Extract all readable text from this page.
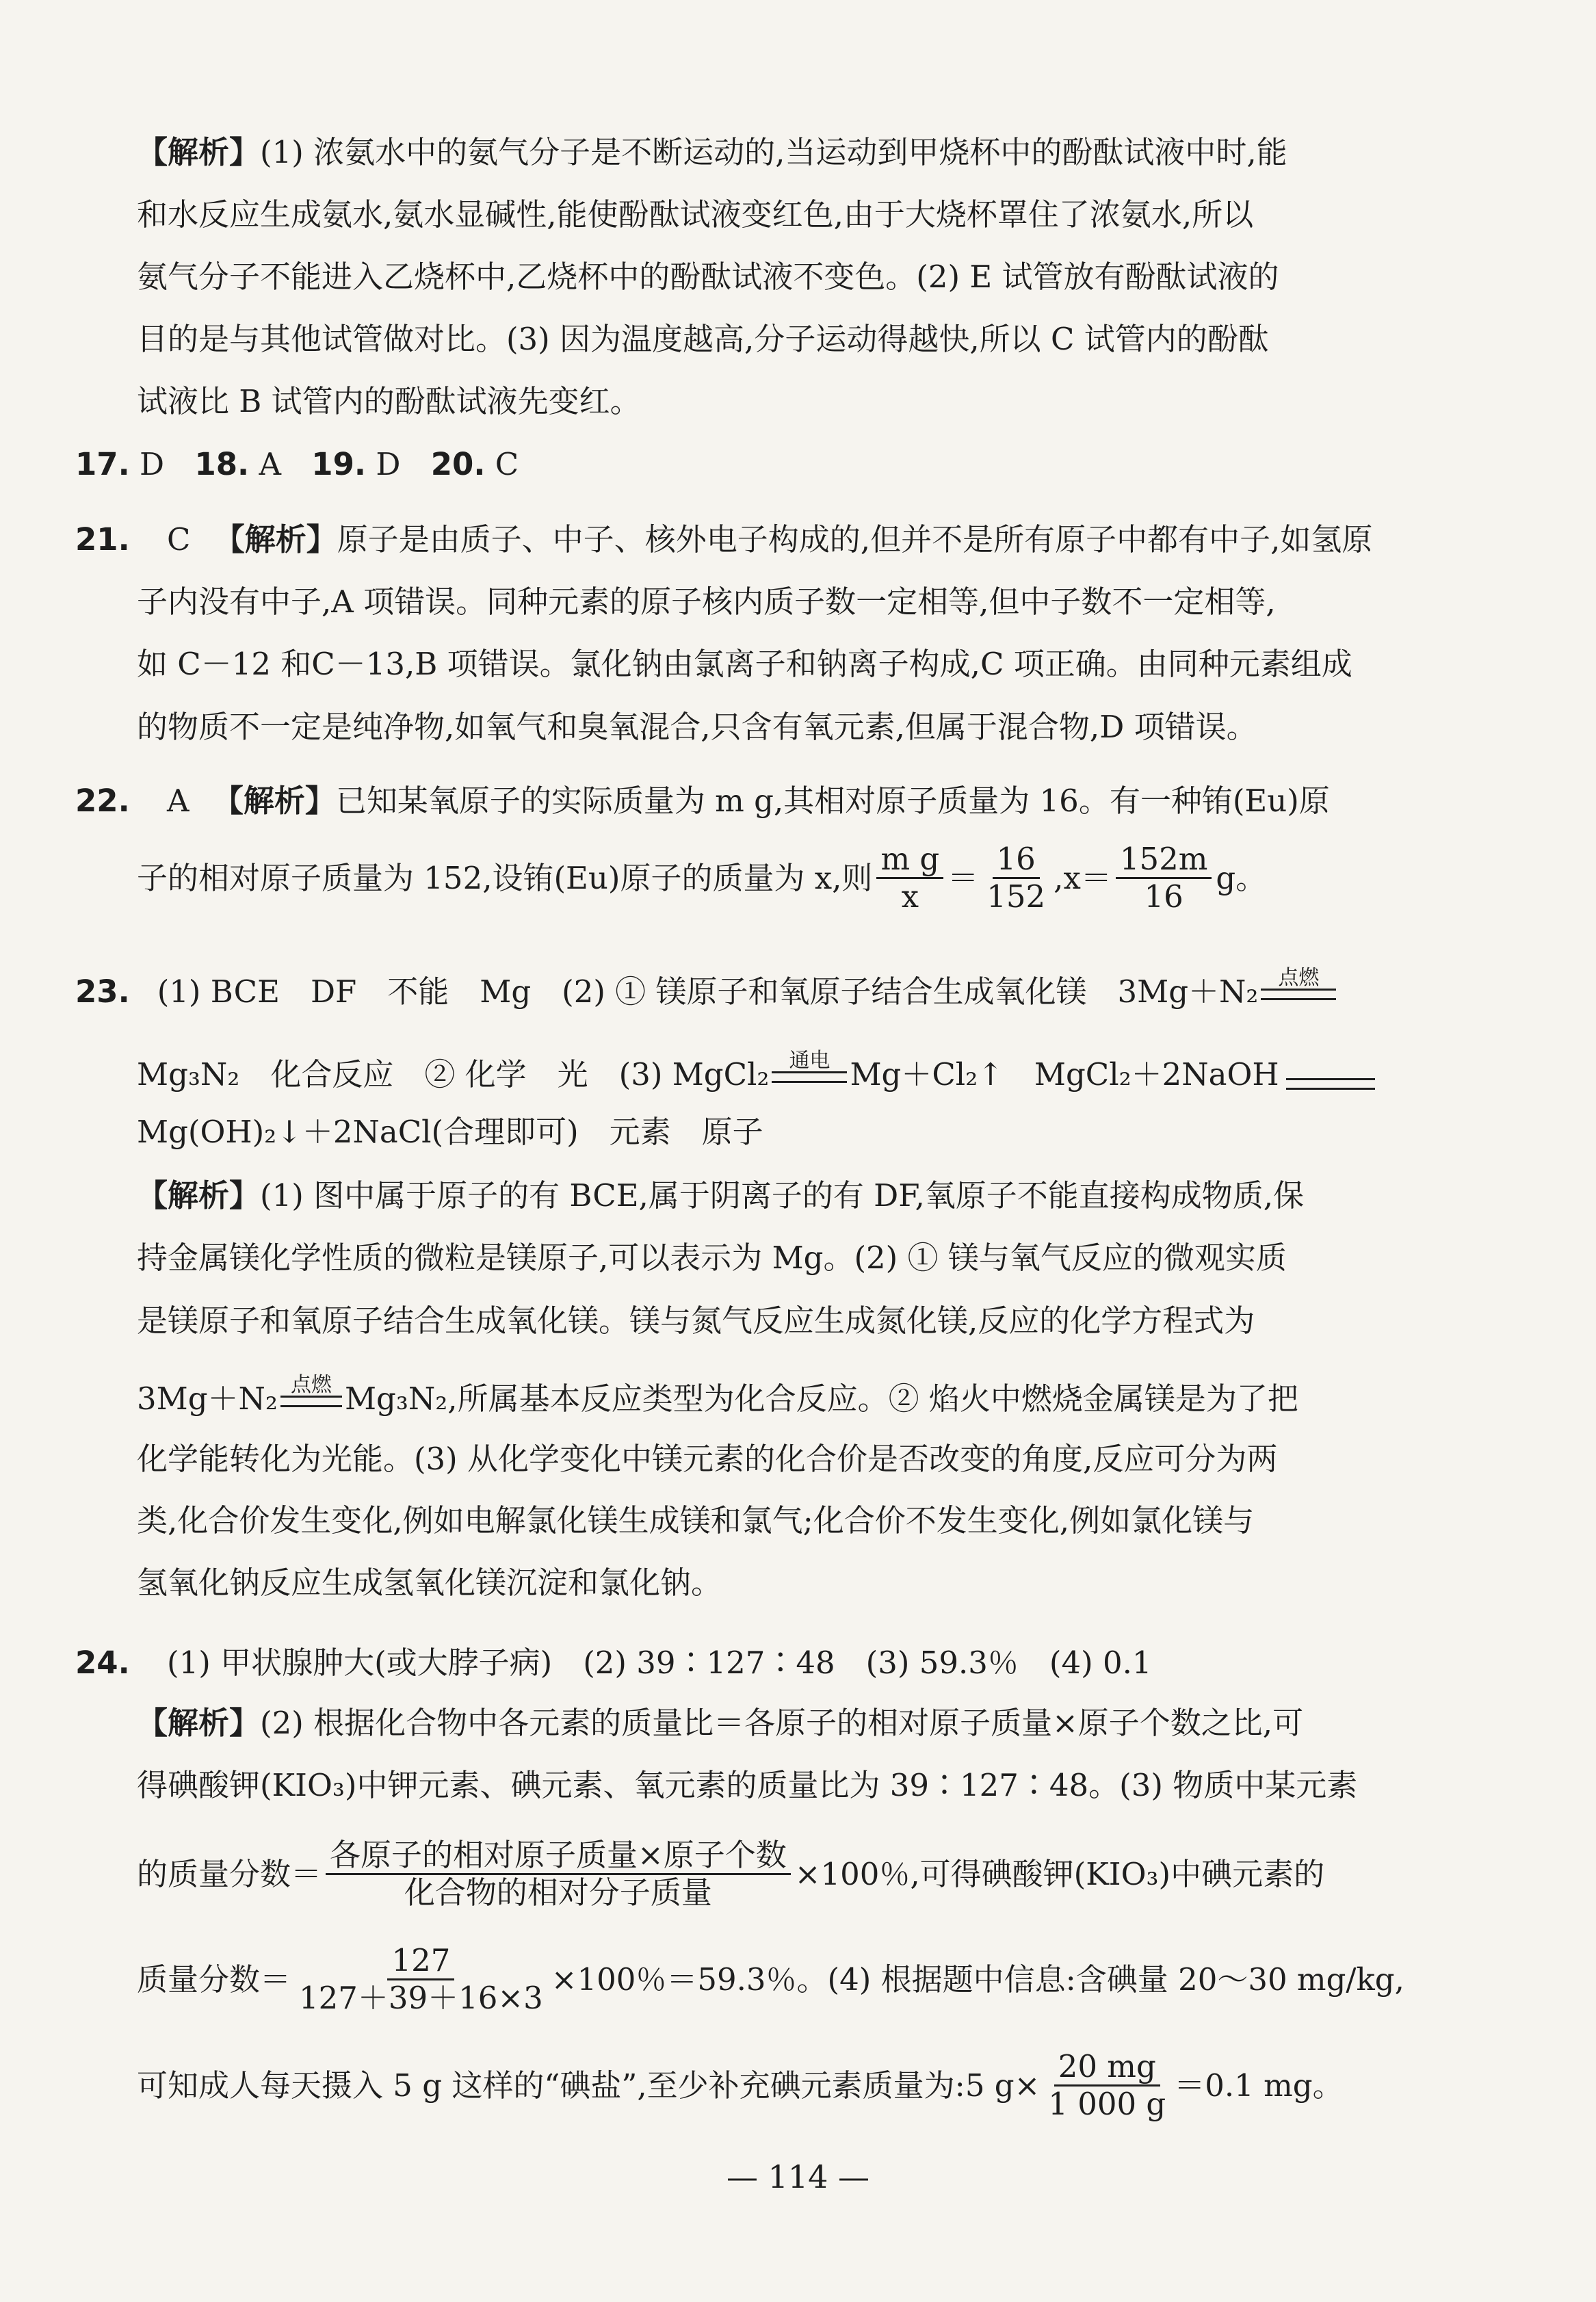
【解析】(1) 浓氨水中的氨气分子是不断运动的,当运动到甲烧杯中的酚酞试液中时,能
和水反应生成氨水,氨水显碱性,能使酚酞试液变红色,由于大烧杯罩住了浓氨水,所以
氨气分子不能进入乙烧杯中,乙烧杯中的酚酞试液不变色。(2) E 试管放有酚酞试液的
目的是与其他试管做对比。(3) 因为温度越高,分子运动得越快,所以 C 试管内的酚酞
试液比 B 试管内的酚酞试液先变红。
17. D 18. A 19. D 20. C
21. C 【解析】原子是由质子、中子、核外电子构成的,但并不是所有原子中都有中子,如氢原
子内没有中子,A 项错误。同种元素的原子核内质子数一定相等,但中子数不一定相等,
如 C－12 和C－13,B 项错误。氯化钠由氯离子和钠离子构成,C 项正确。由同种元素组成
的物质不一定是纯净物,如氧气和臭氧混合,只含有氧元素,但属于混合物,D 项错误。
22. A 【解析】已知某氧原子的实际质量为 m g,其相对原子质量为 16。有一种铕(Eu)原
子的相对原子质量为 152,设铕(Eu)原子的质量为 x,则 $\frac{\text{m g}}{x} = \frac{16}{152} ,x= \frac{152m}{16}$ g。
23. (1) BCE　DF　不能　Mg　(2) ① 镁原子和氧原子结合生成氧化镁　3Mg＋N₂ 点燃
Mg₃N₂　化合反应　② 化学　光　(3) MgCl₂ 通电 Mg＋Cl₂↑　MgCl₂＋2NaOH
Mg(OH)₂↓＋2NaCl(合理即可)　元素　原子
【解析】(1) 图中属于原子的有 BCE,属于阴离子的有 DF,氧原子不能直接构成物质,保
持金属镁化学性质的微粒是镁原子,可以表示为 Mg。(2) ① 镁与氧气反应的微观实质
是镁原子和氧原子结合生成氧化镁。镁与氮气反应生成氮化镁,反应的化学方程式为
3Mg＋N₂ 点燃 Mg₃N₂,所属基本反应类型为化合反应。② 焰火中燃烧金属镁是为了把
化学能转化为光能。(3) 从化学变化中镁元素的化合价是否改变的角度,反应可分为两
类,化合价发生变化,例如电解氯化镁生成镁和氯气;化合价不发生变化,例如氯化镁与
氢氧化钠反应生成氢氧化镁沉淀和氯化钠。
24. (1) 甲状腺肿大(或大脖子病)　(2) 39∶127∶48　(3) 59.3％　(4) 0.1
【解析】(2) 根据化合物中各元素的质量比＝各原子的相对原子质量×原子个数之比,可
得碘酸钾(KIO₃)中钾元素、碘元素、氧元素的质量比为 39∶127∶48。(3) 物质中某元素
的质量分数＝ $\frac{\text{各原子的相对原子质量×原子个数}}{\text{化合物的相对分子质量}} \times 100$％,可得碘酸钾(KIO₃)中碘元素的
质量分数＝ $\frac{127}{127+39+16\times 3} \times 100$％＝59.3％。(4) 根据题中信息:含碘量 20～30 mg/kg,
可知成人每天摄入 5 g 这样的“碘盐”,至少补充碘元素质量为:5 $g\times \frac{20 mg}{1 000 g} =0.1$ mg。
— 114 —
